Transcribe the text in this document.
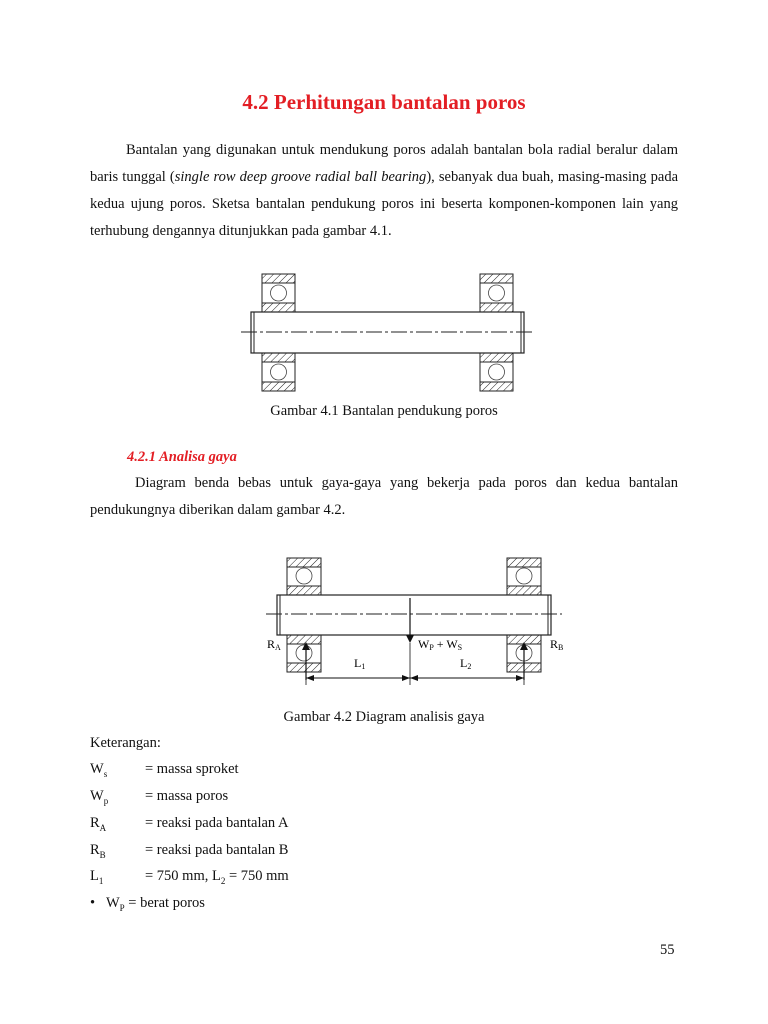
4.2 Perhitungan bantalan poros
Bantalan yang digunakan untuk mendukung poros adalah bantalan bola radial beralur dalam baris tunggal (single row deep groove radial ball bearing), sebanyak dua buah, masing-masing pada kedua ujung poros. Sketsa bantalan pendukung poros ini beserta komponen-komponen lain yang terhubung dengannya ditunjukkan pada gambar 4.1.
Gambar 4.1 Bantalan pendukung poros
4.2.1 Analisa gaya
Diagram benda bebas untuk gaya-gaya yang bekerja pada poros dan kedua bantalan pendukungnya diberikan dalam gambar 4.2.
RA	RB
WP + WS
L1	L2
Gambar 4.2 Diagram analisis gaya
Keterangan:
$W_s$	= massa sproket
$W_p$	= massa poros
$R_A$	= reaksi pada bantalan A
$R_B$	= reaksi pada bantalan B
$L_1$	= 750 mm, $L_2 = 750$ mm
• $W_P$ = berat poros
55
